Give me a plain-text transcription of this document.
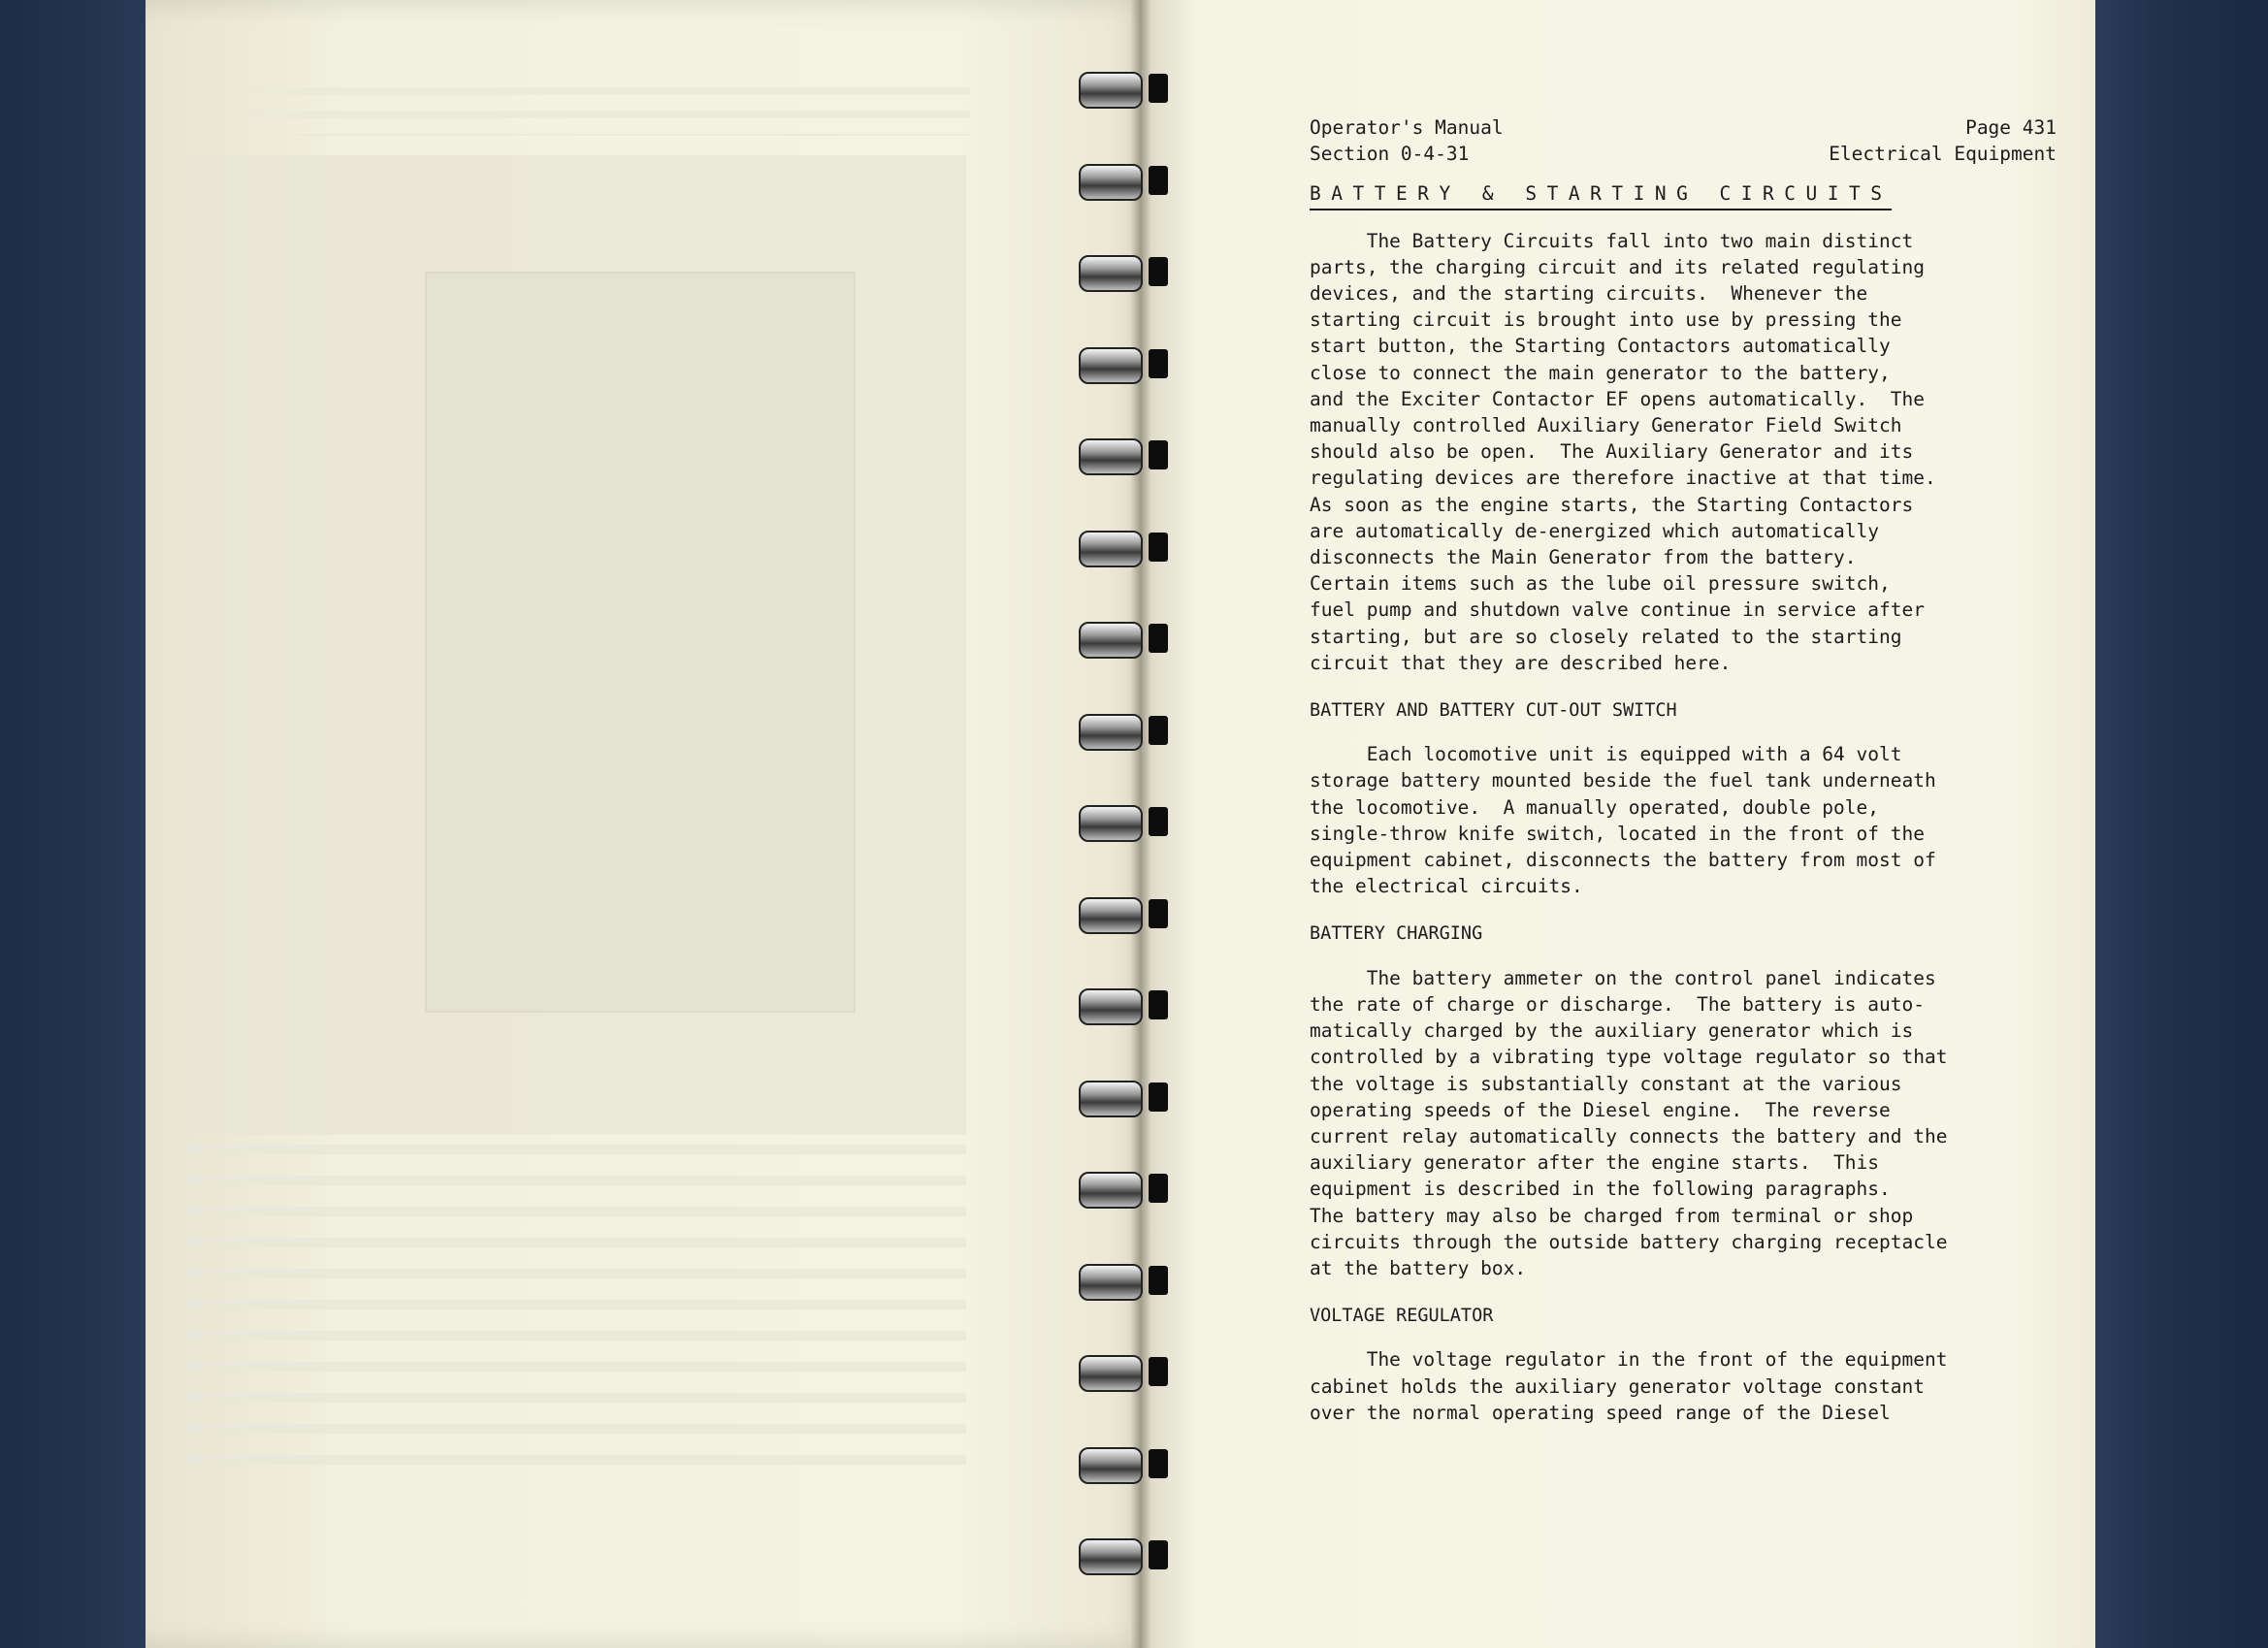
Operator's Manual	Page 431
Section 0-4-31	Electrical Equipment
BATTERY & STARTING CIRCUITS
The Battery Circuits fall into two main distinct
parts, the charging circuit and its related regulating
devices, and the starting circuits.  Whenever the
starting circuit is brought into use by pressing the
start button, the Starting Contactors automatically
close to connect the main generator to the battery,
and the Exciter Contactor EF opens automatically.  The
manually controlled Auxiliary Generator Field Switch
should also be open.  The Auxiliary Generator and its
regulating devices are therefore inactive at that time.
As soon as the engine starts, the Starting Contactors
are automatically de-energized which automatically
disconnects the Main Generator from the battery.
Certain items such as the lube oil pressure switch,
fuel pump and shutdown valve continue in service after
starting, but are so closely related to the starting
circuit that they are described here.
BATTERY AND BATTERY CUT-OUT SWITCH
Each locomotive unit is equipped with a 64 volt
storage battery mounted beside the fuel tank underneath
the locomotive.  A manually operated, double pole,
single-throw knife switch, located in the front of the
equipment cabinet, disconnects the battery from most of
the electrical circuits.
BATTERY CHARGING
The battery ammeter on the control panel indicates
the rate of charge or discharge.  The battery is auto-
matically charged by the auxiliary generator which is
controlled by a vibrating type voltage regulator so that
the voltage is substantially constant at the various
operating speeds of the Diesel engine.  The reverse
current relay automatically connects the battery and the
auxiliary generator after the engine starts.  This
equipment is described in the following paragraphs.
The battery may also be charged from terminal or shop
circuits through the outside battery charging receptacle
at the battery box.
VOLTAGE REGULATOR
The voltage regulator in the front of the equipment
cabinet holds the auxiliary generator voltage constant
over the normal operating speed range of the Diesel
